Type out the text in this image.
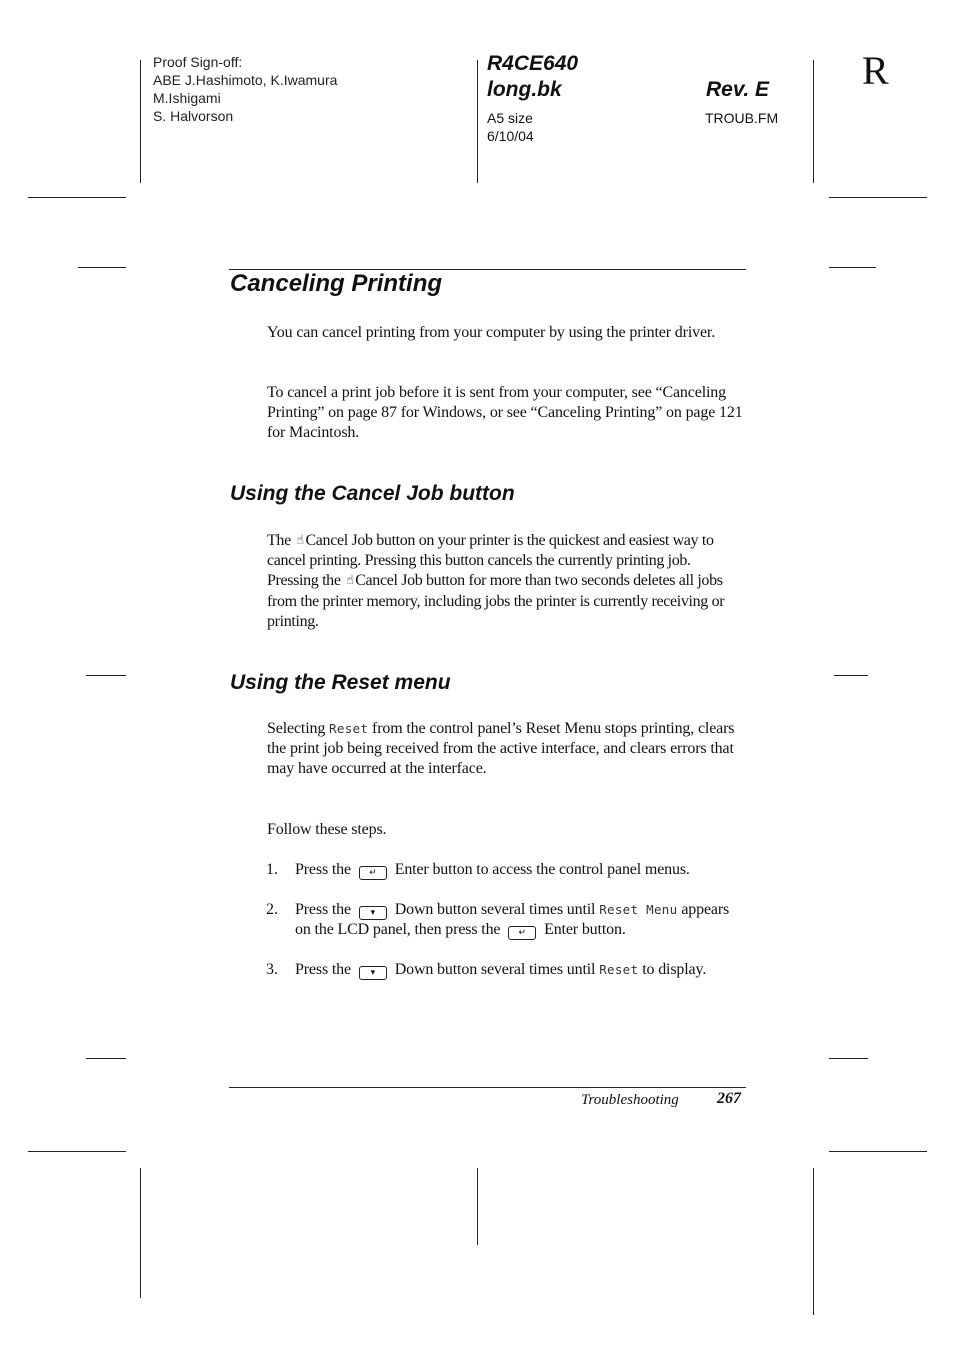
Proof Sign-off:
ABE J.Hashimoto, K.Iwamura
M.Ishigami
S. Halvorson
R4CE640
long.bk	Rev. E
A5 size
6/10/04
TROUB.FM
R
Canceling Printing

You can cancel printing from your computer by using the printer driver.

To cancel a print job before it is sent from your computer, see “Canceling Printing” on page 87 for Windows, or see “Canceling Printing” on page 121 for Macintosh.

Using the Cancel Job button

The ☝ Cancel Job button on your printer is the quickest and easiest way to cancel printing. Pressing this button cancels the currently printing job. Pressing the ☝ Cancel Job button for more than two seconds deletes all jobs from the printer memory, including jobs the printer is currently receiving or printing.

Using the Reset menu

Selecting Reset from the control panel’s Reset Menu stops printing, clears the print job being received from the active interface, and clears errors that may have occurred at the interface.

Follow these steps.

1. Press the ↵ Enter button to access the control panel menus.

2. Press the ▾ Down button several times until Reset Menu appears on the LCD panel, then press the ↵ Enter button.

3. Press the ▾ Down button several times until Reset to display.

Troubleshooting 267
